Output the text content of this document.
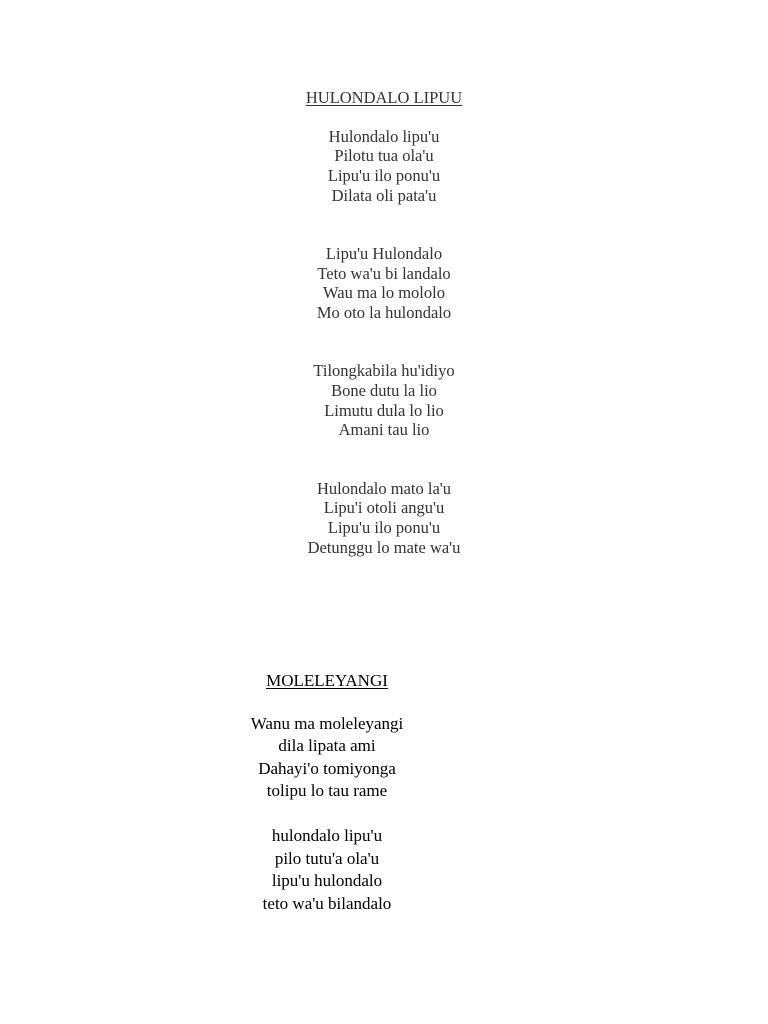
HULONDALO LIPUU
Hulondalo lipu'u
Pilotu tua ola'u
Lipu'u ilo ponu'u
Dilata oli pata'u
Lipu'u Hulondalo
Teto wa'u bi landalo
Wau ma lo mololo
Mo oto la hulondalo
Tilongkabila hu'idiyo
Bone dutu la lio
Limutu dula lo lio
Amani tau lio
Hulondalo mato la'u
Lipu'i otoli angu'u
Lipu'u ilo ponu'u
Detunggu lo mate wa'u
MOLELEYANGI
Wanu ma moleleyangi
dila lipata ami
Dahayi'o tomiyonga
tolipu lo tau rame
hulondalo lipu'u
pilo tutu'a ola'u
lipu'u hulondalo
teto wa'u bilandalo
